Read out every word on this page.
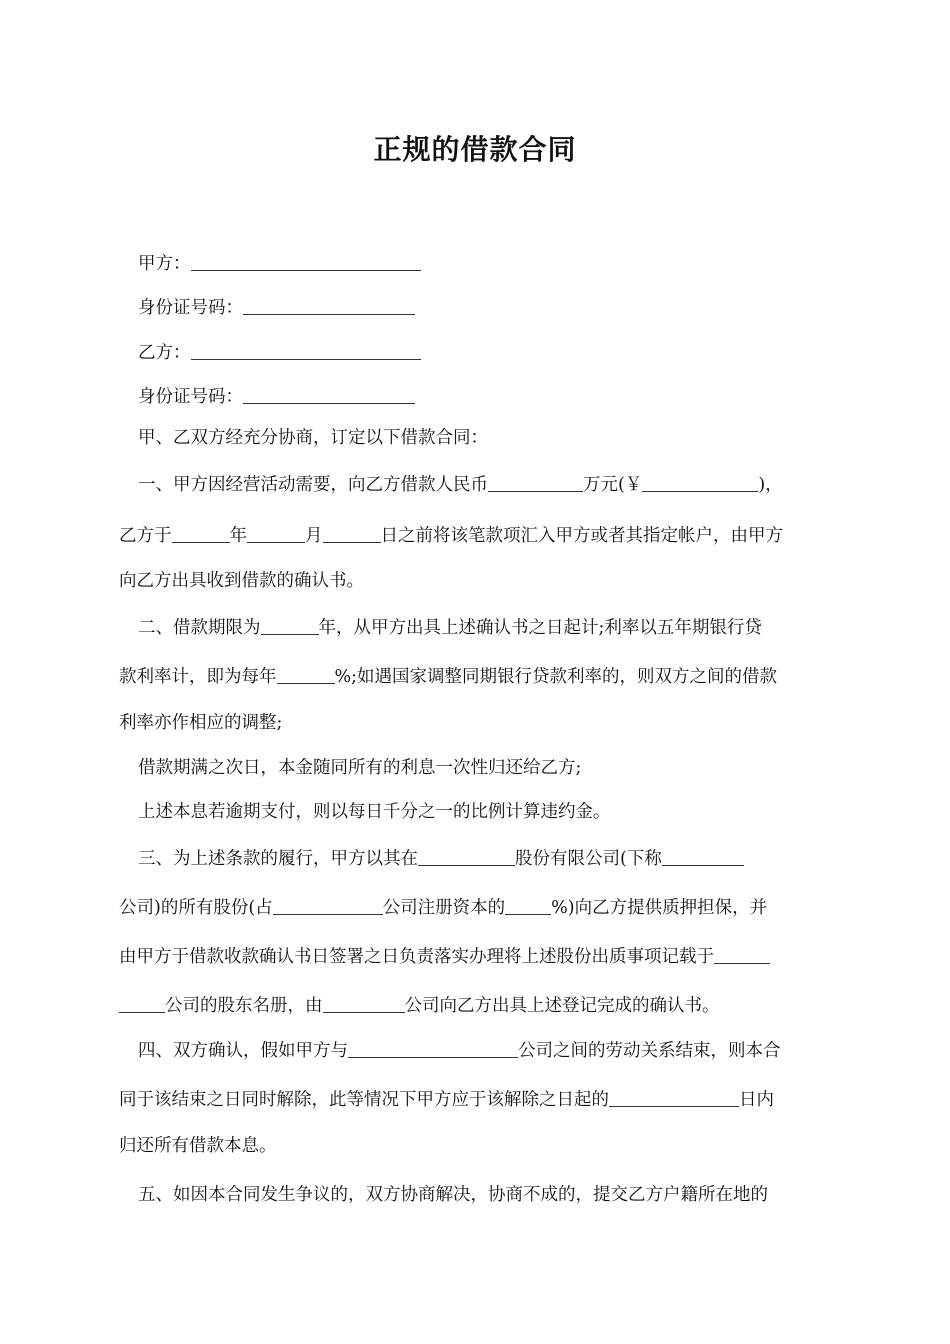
正规的借款合同
甲方：
身份证号码：
乙方：
身份证号码：
甲、乙双方经充分协商，订定以下借款合同：
一、甲方因经营活动需要，向乙方借款人民币	万元(￥	)，
乙方于	年	月	日之前将该笔款项汇入甲方或者其指定帐户，由甲方
向乙方出具收到借款的确认书。
二、借款期限为	年，从甲方出具上述确认书之日起计;利率以五年期银行贷
款利率计，即为每年	%;如遇国家调整同期银行贷款利率的，则双方之间的借款
利率亦作相应的调整;
借款期满之次日，本金随同所有的利息一次性归还给乙方;
上述本息若逾期支付，则以每日千分之一的比例计算违约金。
三、为上述条款的履行，甲方以其在	股份有限公司(下称
公司)的所有股份(占	公司注册资本的	%)向乙方提供质押担保，并
由甲方于借款收款确认书日签署之日负责落实办理将上述股份出质事项记载于
公司的股东名册，由	公司向乙方出具上述登记完成的确认书。
四、双方确认，假如甲方与	公司之间的劳动关系结束，则本合
同于该结束之日同时解除，此等情况下甲方应于该解除之日起的	日内
归还所有借款本息。
五、如因本合同发生争议的，双方协商解决，协商不成的，提交乙方户籍所在地的
